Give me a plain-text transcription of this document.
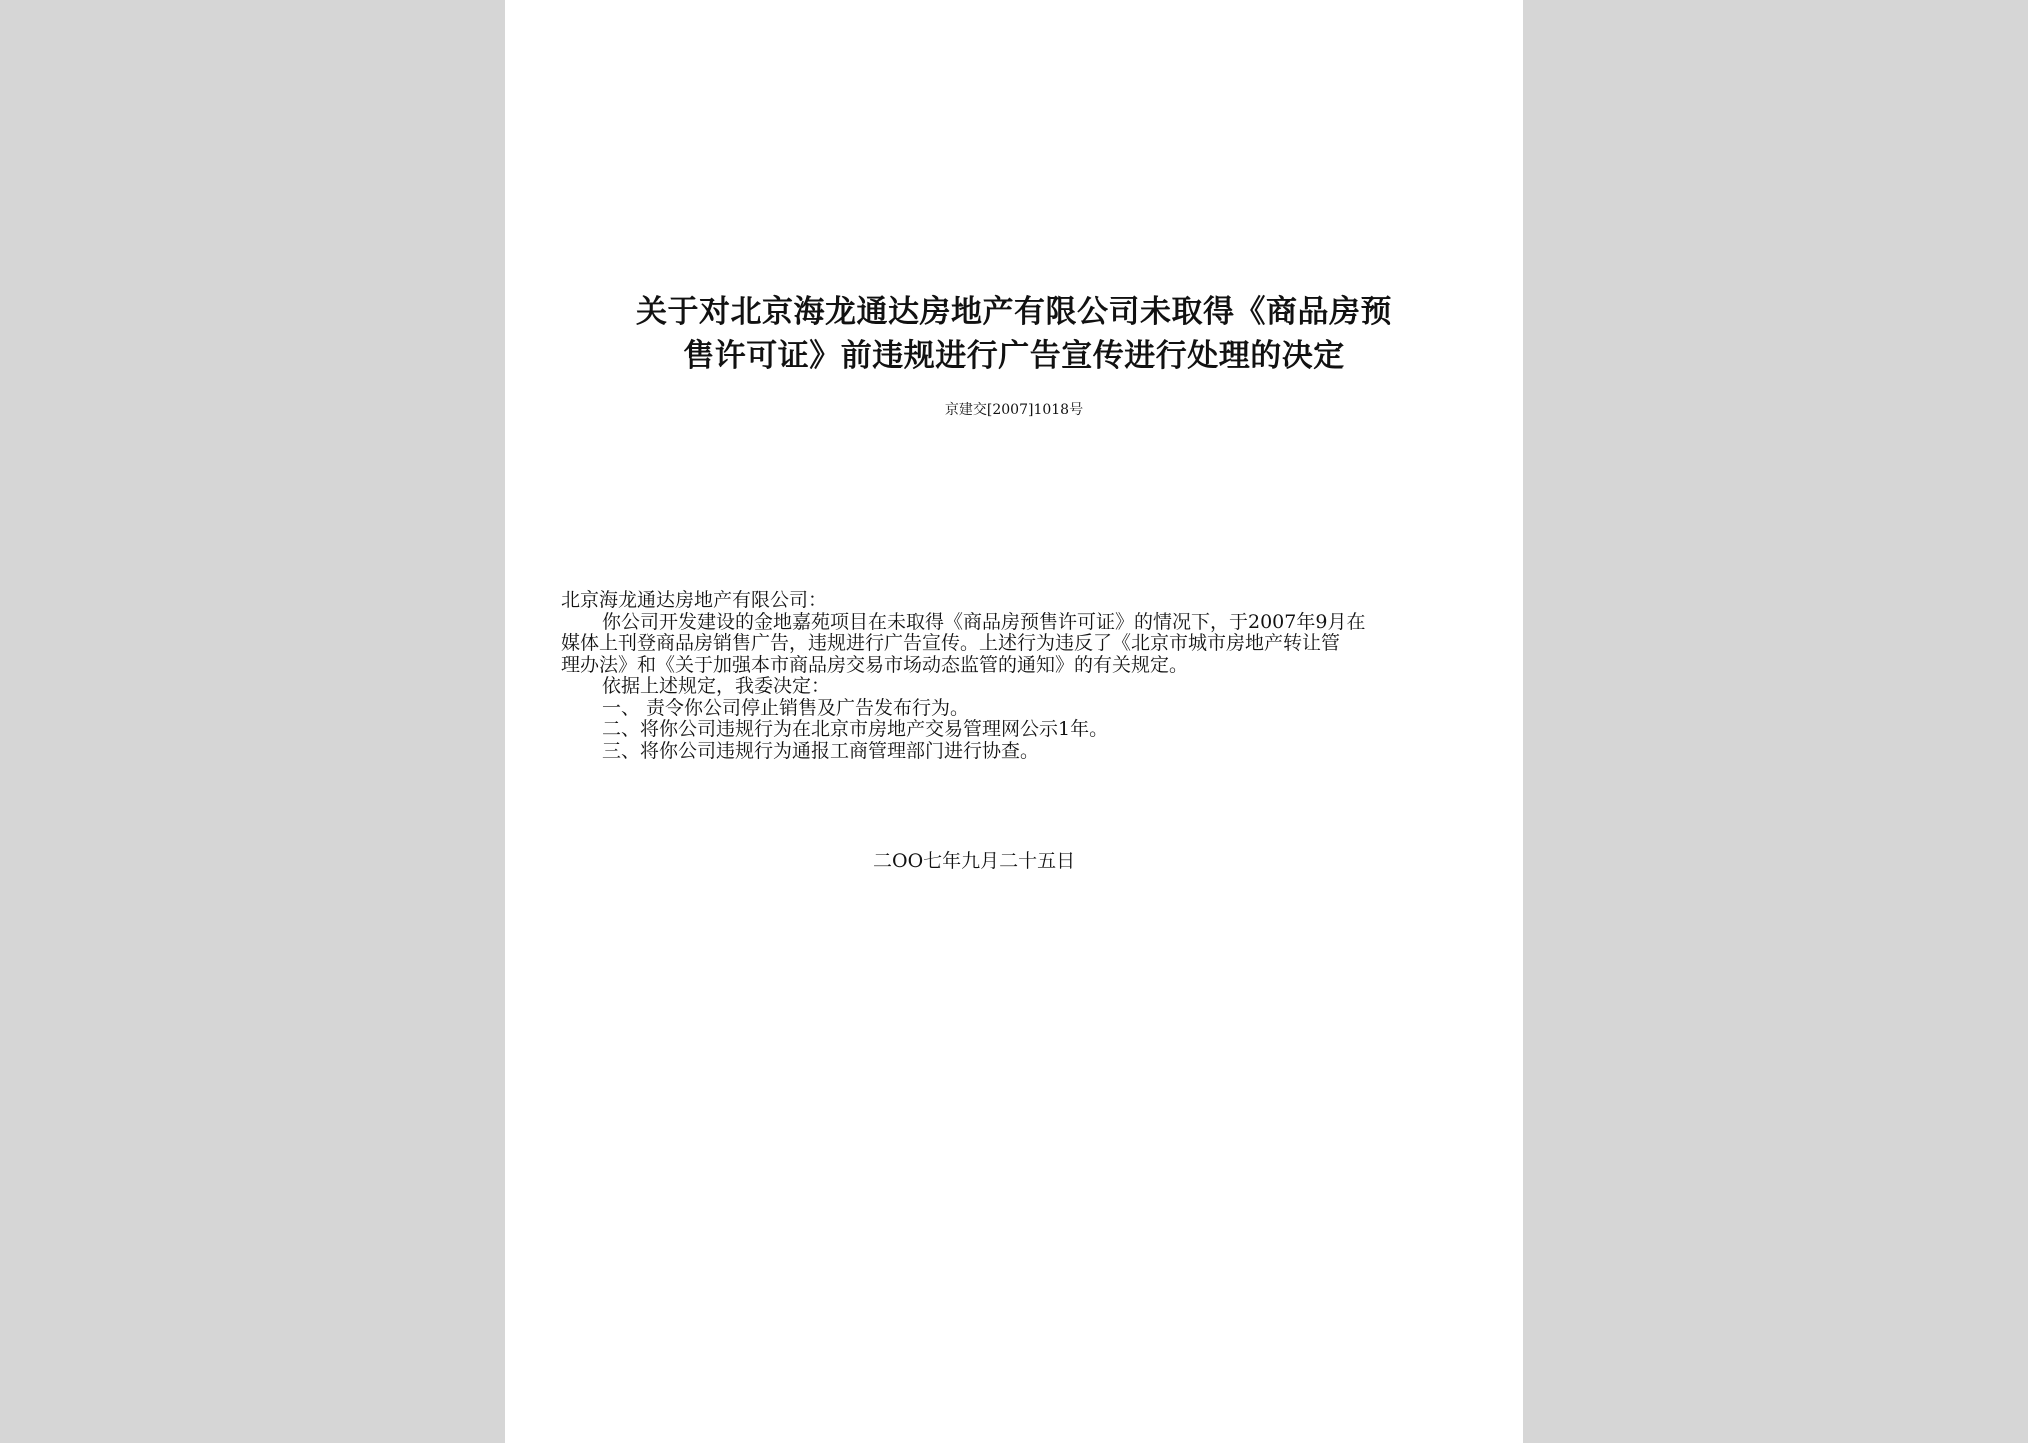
关于对北京海龙通达房地产有限公司未取得《商品房预
售许可证》前违规进行广告宣传进行处理的决定
京建交[2007]1018号
北京海龙通达房地产有限公司：
你公司开发建设的金地嘉苑项目在未取得《商品房预售许可证》的情况下，于2007年9月在
媒体上刊登商品房销售广告，违规进行广告宣传。上述行为违反了《北京市城市房地产转让管
理办法》和《关于加强本市商品房交易市场动态监管的通知》的有关规定。
依据上述规定，我委决定：
一、 责令你公司停止销售及广告发布行为。
二、将你公司违规行为在北京市房地产交易管理网公示1年。
三、将你公司违规行为通报工商管理部门进行协查。
二OO七年九月二十五日
